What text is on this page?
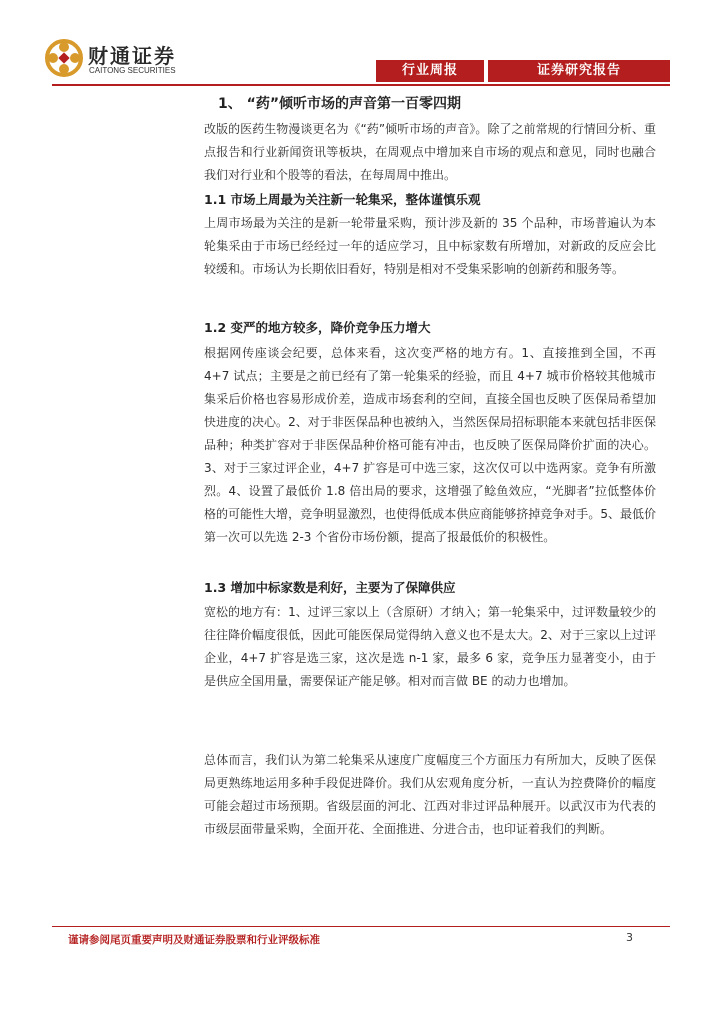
财通证券
CAITONG SECURITIES	行业周报	证券研究报告
1、 “药”倾听市场的声音第一百零四期
改版的医药生物漫谈更名为《“药”倾听市场的声音》。除了之前常规的行情回分析、重点报告和行业新闻资讯等板块，在周观点中增加来自市场的观点和意见，同时也融合我们对行业和个股等的看法，在每周周中推出。
1.1 市场上周最为关注新一轮集采，整体谨慎乐观
上周市场最为关注的是新一轮带量采购，预计涉及新的 35 个品种，市场普遍认为本轮集采由于市场已经经过一年的适应学习，且中标家数有所增加，对新政的反应会比较缓和。市场认为长期依旧看好，特别是相对不受集采影响的创新药和服务等。
1.2 变严的地方较多，降价竞争压力增大
根据网传座谈会纪要，总体来看，这次变严格的地方有。1、直接推到全国，不再 4+7 试点；主要是之前已经有了第一轮集采的经验，而且 4+7 城市价格较其他城市集采后价格也容易形成价差，造成市场套利的空间，直接全国也反映了医保局希望加快进度的决心。2、对于非医保品种也被纳入，当然医保局招标职能本来就包括非医保品种；种类扩容对于非医保品种价格可能有冲击，也反映了医保局降价扩面的决心。3、对于三家过评企业，4+7 扩容是可中选三家，这次仅可以中选两家。竞争有所激烈。4、设置了最低价 1.8 倍出局的要求，这增强了鲶鱼效应，“光脚者”拉低整体价格的可能性大增，竞争明显激烈，也使得低成本供应商能够挤掉竞争对手。5、最低价第一次可以先选 2-3 个省份市场份额，提高了报最低价的积极性。
1.3 增加中标家数是利好，主要为了保障供应
宽松的地方有：1、过评三家以上（含原研）才纳入；第一轮集采中，过评数量较少的往往降价幅度很低，因此可能医保局觉得纳入意义也不是太大。2、对于三家以上过评企业，4+7 扩容是选三家，这次是选 n-1 家，最多 6 家，竞争压力显著变小，由于是供应全国用量，需要保证产能足够。相对而言做 BE 的动力也增加。
总体而言，我们认为第二轮集采从速度广度幅度三个方面压力有所加大，反映了医保局更熟练地运用多种手段促进降价。我们从宏观角度分析，一直认为控费降价的幅度可能会超过市场预期。省级层面的河北、江西对非过评品种展开。以武汉市为代表的市级层面带量采购，全面开花、全面推进、分进合击，也印证着我们的判断。
谨请参阅尾页重要声明及财通证券股票和行业评级标准	3
